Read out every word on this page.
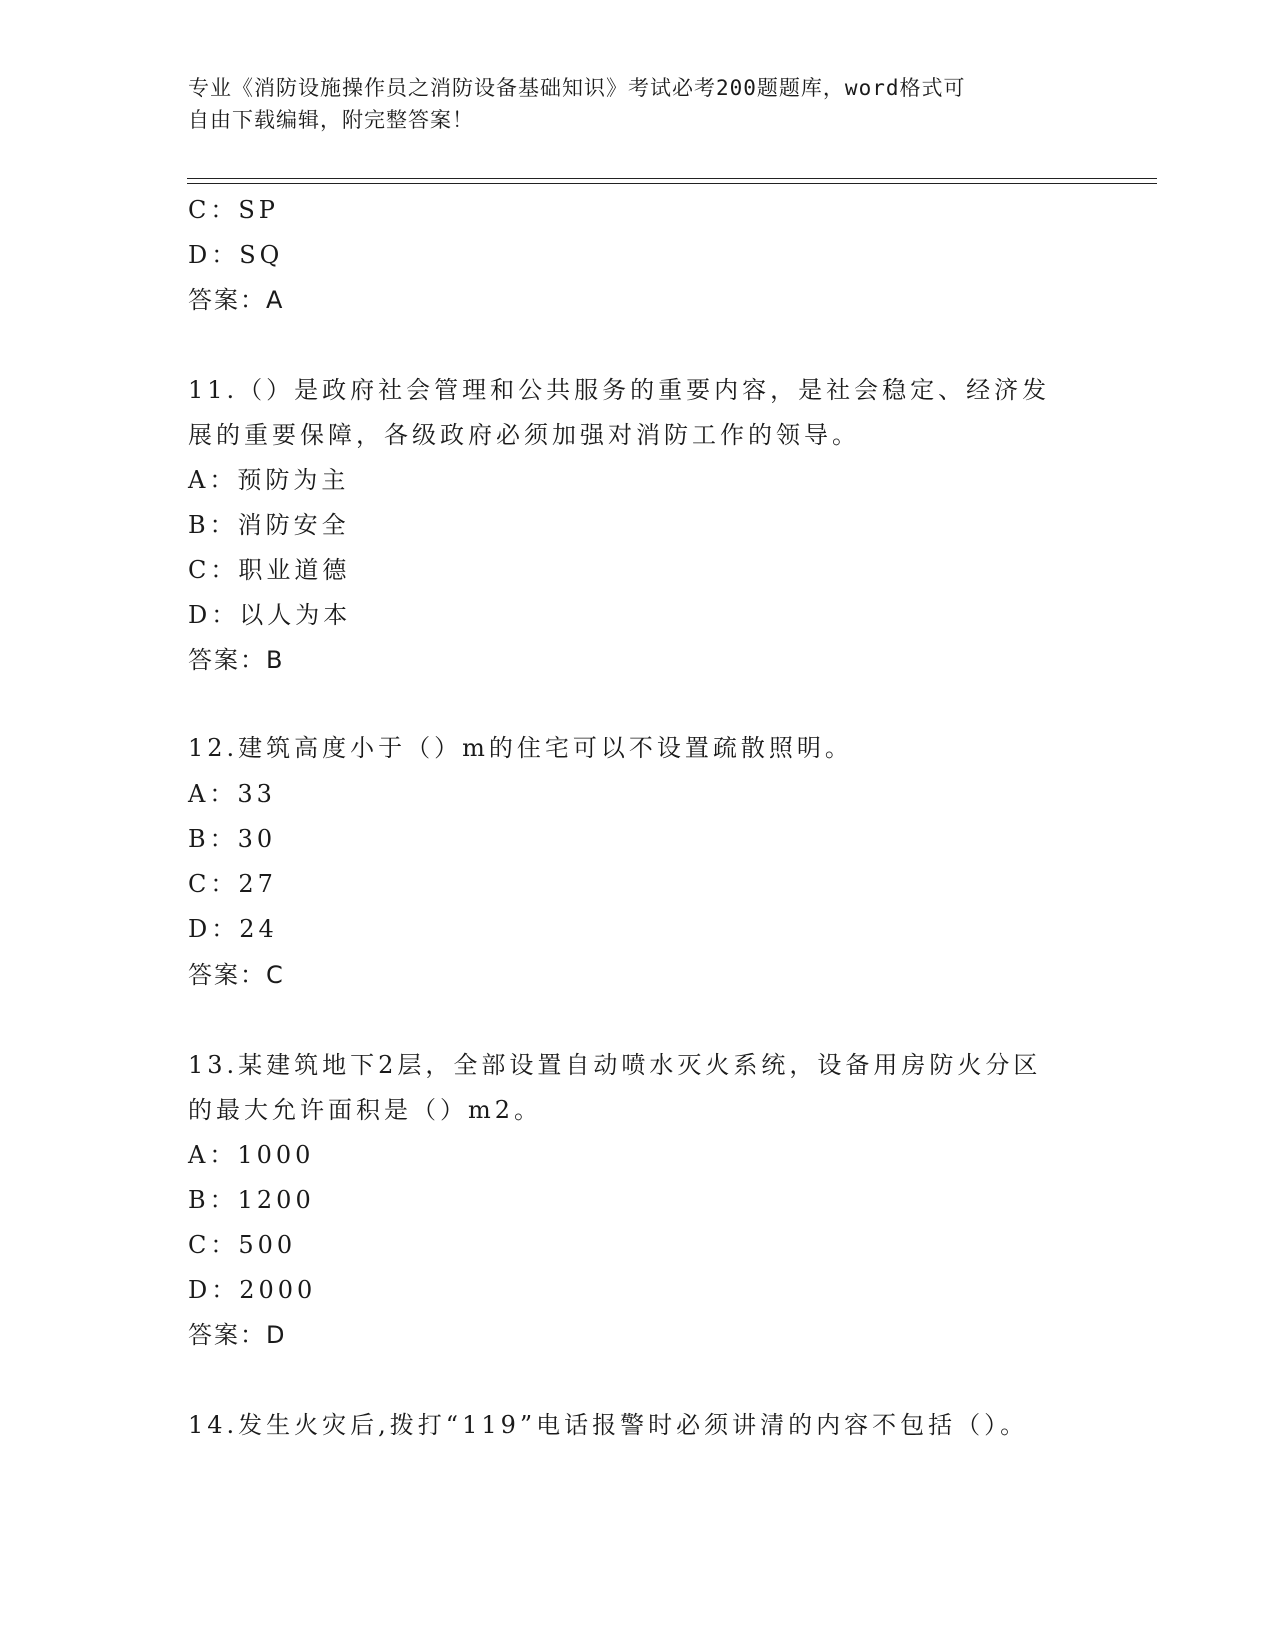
专业《消防设施操作员之消防设备基础知识》考试必考200题题库，word格式可
自由下载编辑，附完整答案！
C：SP
D：SQ
答案：A
11.（）是政府社会管理和公共服务的重要内容，是社会稳定、经济发
展的重要保障，各级政府必须加强对消防工作的领导。
A：预防为主
B：消防安全
C：职业道德
D：以人为本
答案：B
12.建筑高度小于（）m的住宅可以不设置疏散照明。
A：33
B：30
C：27
D：24
答案：C
13.某建筑地下2层，全部设置自动喷水灭火系统，设备用房防火分区
的最大允许面积是（）m2。
A：1000
B：1200
C：500
D：2000
答案：D
14.发生火灾后,拨打“119”电话报警时必须讲清的内容不包括（）。
